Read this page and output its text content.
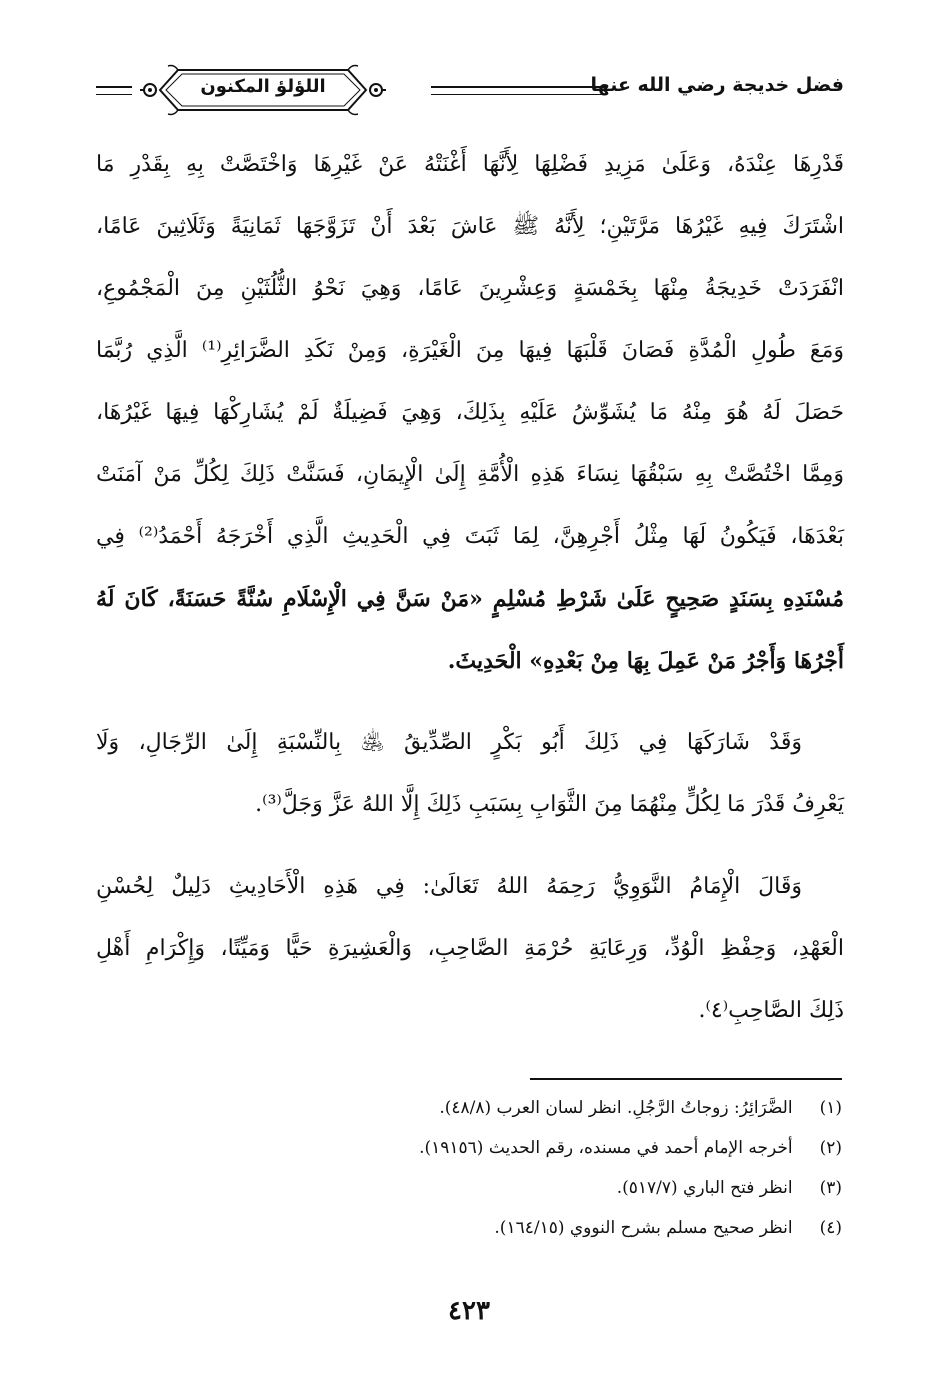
اللؤلؤ المكنون	فضل خديجة رضي الله عنها
قَدْرِهَا عِنْدَهُ، وَعَلَىٰ مَزِيدِ فَضْلِهَا لِأَنَّهَا أَغْنَتْهُ عَنْ غَيْرِهَا وَاخْتَصَّتْ بِهِ بِقَدْرِ مَا
اشْتَرَكَ فِيهِ غَيْرُهَا مَرَّتَيْنِ؛ لِأَنَّهُ ﷺ عَاشَ بَعْدَ أَنْ تَزَوَّجَهَا ثَمَانِيَةً وَثَلَاثِينَ عَامًا،
انْفَرَدَتْ خَدِيجَةُ مِنْهَا بِخَمْسَةٍ وَعِشْرِينَ عَامًا، وَهِيَ نَحْوُ الثُّلُثَيْنِ مِنَ الْمَجْمُوعِ،
وَمَعَ طُولِ الْمُدَّةِ فَصَانَ قَلْبَهَا فِيهَا مِنَ الْغَيْرَةِ، وَمِنْ نَكَدِ الضَّرَائِرِ⁽¹⁾ الَّذِي رُبَّمَا
حَصَلَ لَهُ هُوَ مِنْهُ مَا يُشَوِّشُ عَلَيْهِ بِذَلِكَ، وَهِيَ فَضِيلَةٌ لَمْ يُشَارِكْهَا فِيهَا غَيْرُهَا،
وَمِمَّا اخْتُصَّتْ بِهِ سَبْقُهَا نِسَاءَ هَذِهِ الْأُمَّةِ إِلَىٰ الْإِيمَانِ، فَسَنَّتْ ذَلِكَ لِكُلِّ مَنْ آمَنَتْ
بَعْدَهَا، فَيَكُونُ لَهَا مِثْلُ أَجْرِهِنَّ، لِمَا ثَبَتَ فِي الْحَدِيثِ الَّذِي أَخْرَجَهُ أَحْمَدُ⁽²⁾ فِي
مُسْنَدِهِ بِسَنَدٍ صَحِيحٍ عَلَىٰ شَرْطِ مُسْلِمٍ «مَنْ سَنَّ فِي الْإِسْلَامِ سُنَّةً حَسَنَةً، كَانَ لَهُ
أَجْرُهَا وَأَجْرُ مَنْ عَمِلَ بِهَا مِنْ بَعْدِهِ» الْحَدِيثَ.
وَقَدْ شَارَكَهَا فِي ذَلِكَ أَبُو بَكْرٍ الصِّدِّيقُ ﵁ بِالنِّسْبَةِ إِلَىٰ الرِّجَالِ، وَلَا
يَعْرِفُ قَدْرَ مَا لِكُلٍّ مِنْهُمَا مِنَ الثَّوَابِ بِسَبَبِ ذَلِكَ إِلَّا اللهُ عَزَّ وَجَلَّ⁽³⁾.
وَقَالَ الْإِمَامُ النَّوَوِيُّ رَحِمَهُ اللهُ تَعَالَىٰ: فِي هَذِهِ الْأَحَادِيثِ دَلِيلٌ لِحُسْنِ
الْعَهْدِ، وَحِفْظِ الْوُدِّ، وَرِعَايَةِ حُرْمَةِ الصَّاحِبِ، وَالْعَشِيرَةِ حَيًّا وَمَيِّتًا، وَإِكْرَامِ أَهْلِ
ذَلِكَ الصَّاحِبِ⁽٤⁾.
(١) الضَّرَائِرُ: زوجاتُ الرَّجُلِ. انظر لسان العرب (٤٨/٨).
(٢) أخرجه الإمام أحمد في مسنده، رقم الحديث (١٩١٥٦).
(٣) انظر فتح الباري (٥١٧/٧).
(٤) انظر صحيح مسلم بشرح النووي (١٦٤/١٥).
٤٢٣
